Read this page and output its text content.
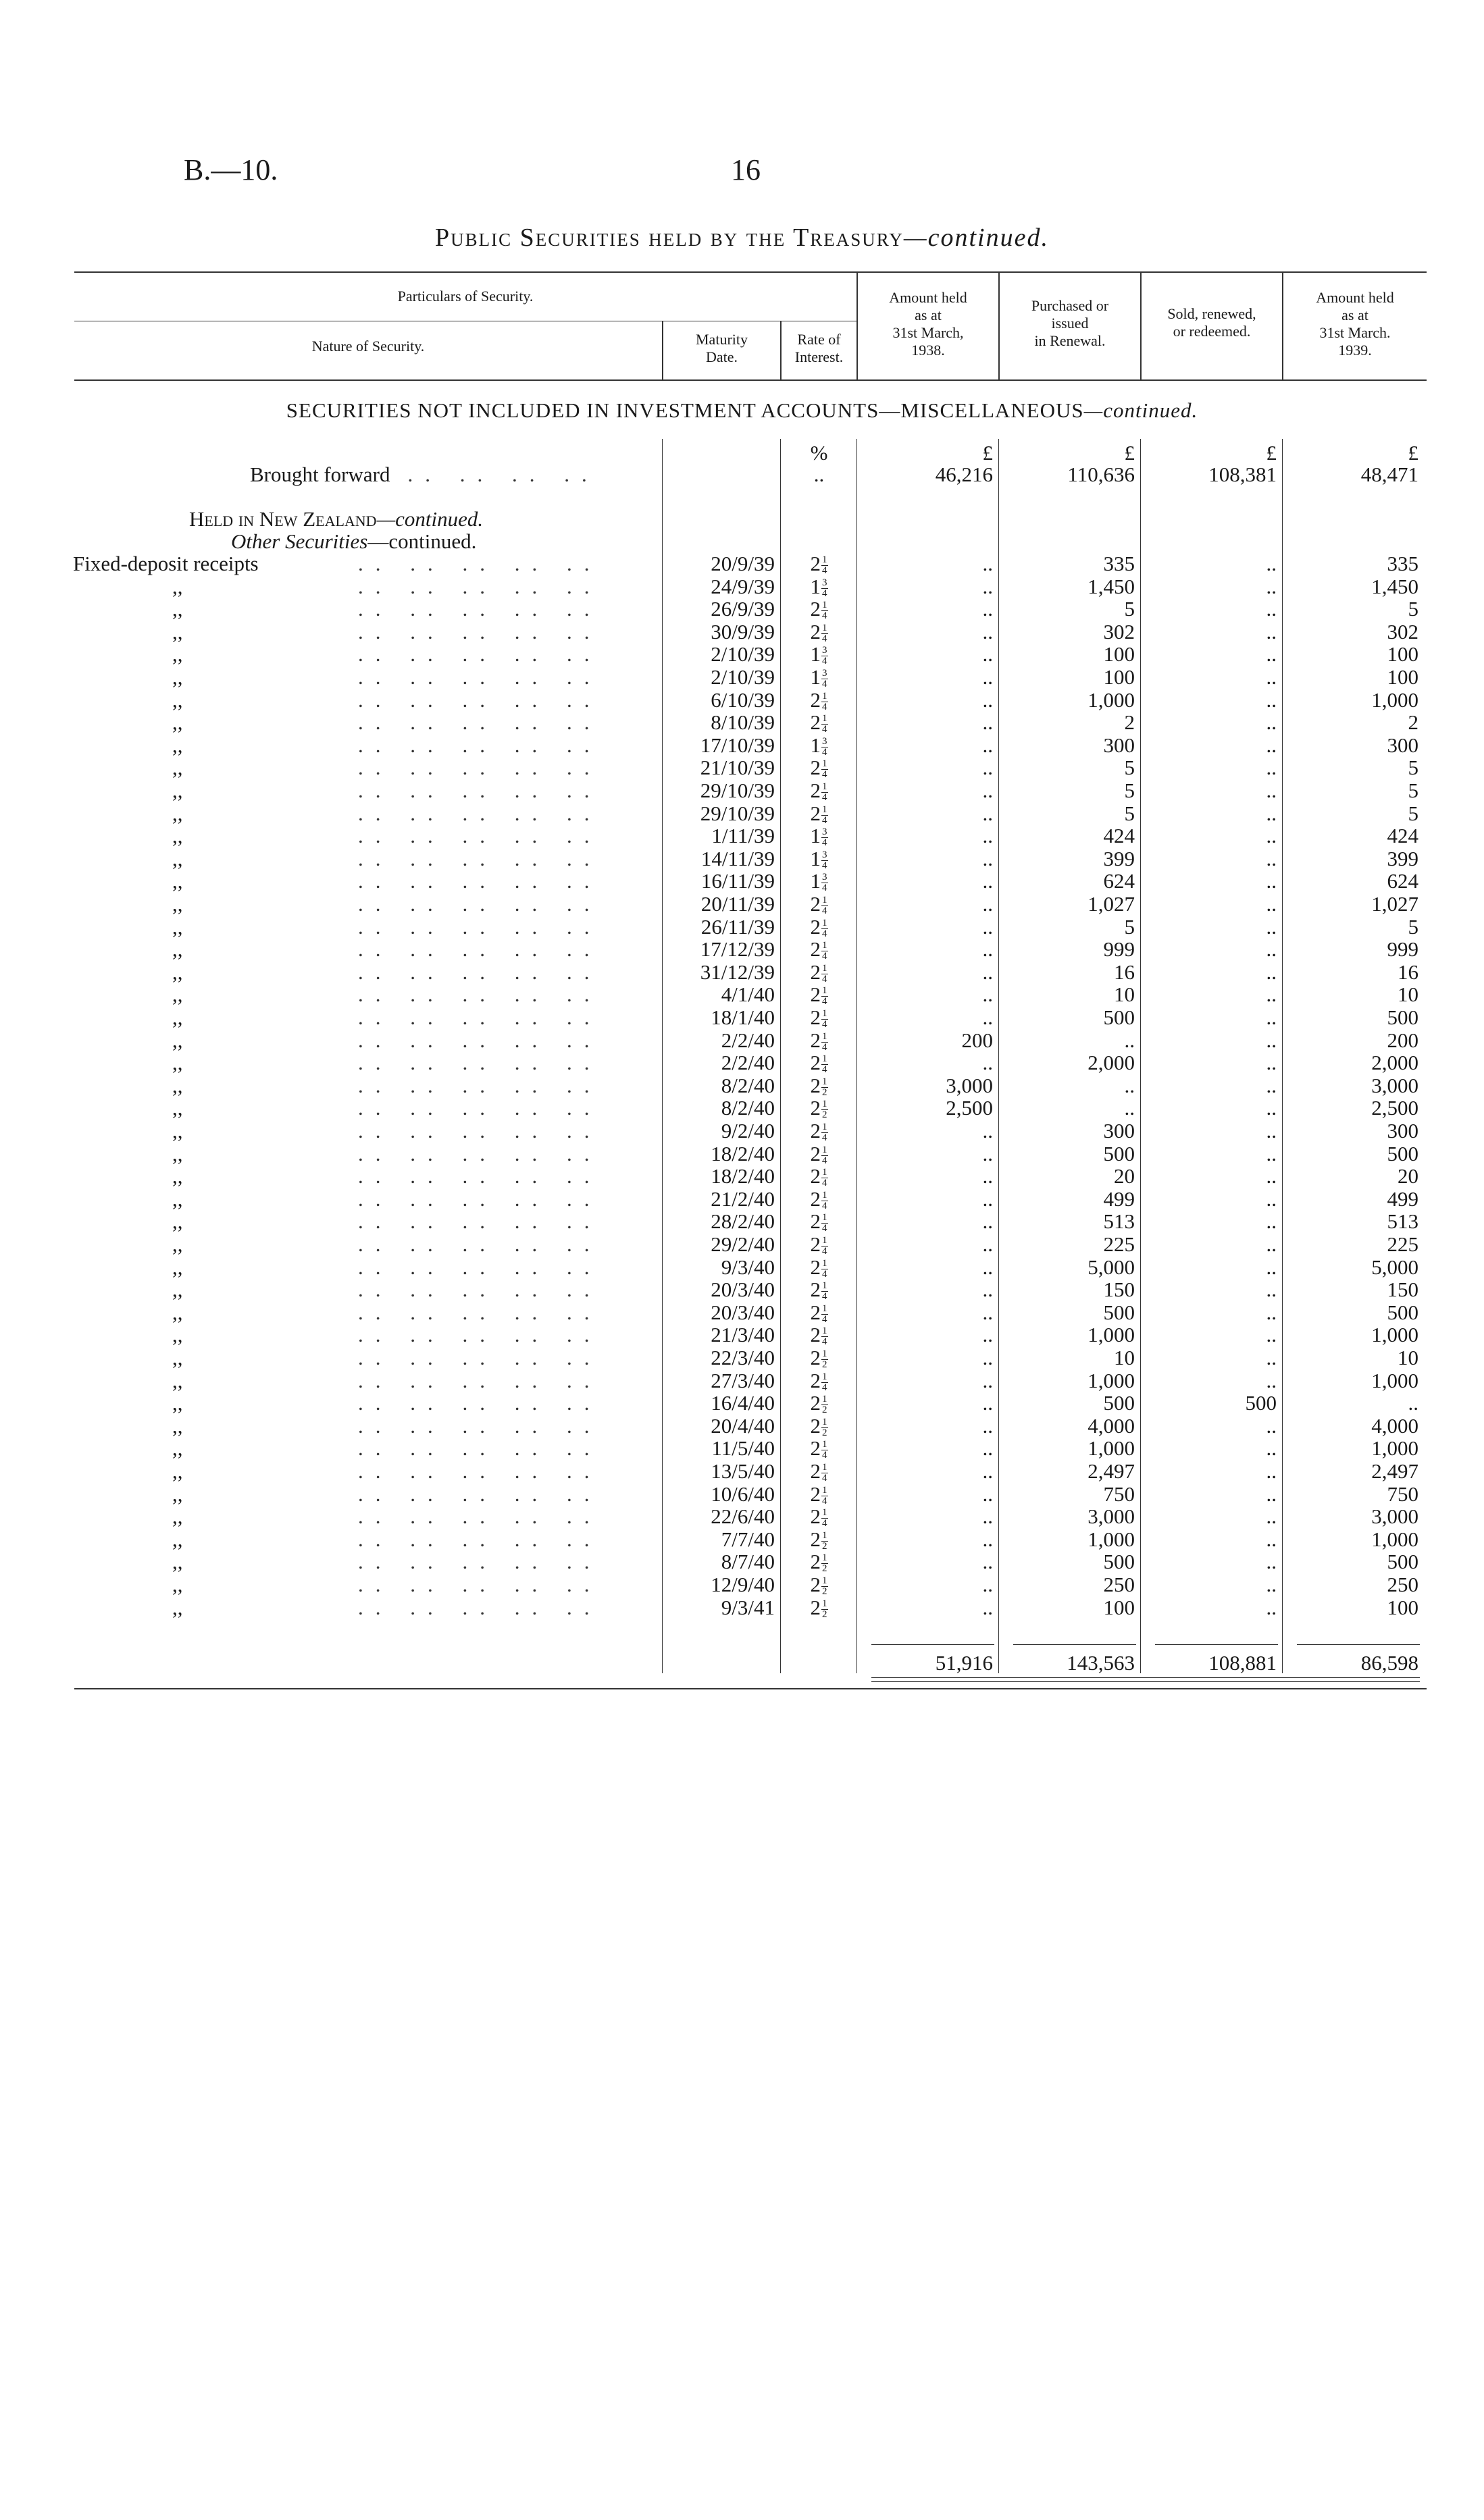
B.—10.	16
Public Securities held by the Treasury—continued.
Particulars of Security.
Nature of Security.	Maturity
Date.
Rate of
Interest.
Amount held
as at
31st March,
1938.
Purchased or
issued
in Renewal.
Sold, renewed,
or redeemed.
Amount held
as at
31st March.
1939.
SECURITIES NOT INCLUDED IN INVESTMENT ACCOUNTS—MISCELLANEOUS—continued.
%	£	£	£	£
Brought forward .. .. .. ..	..	46,216	110,636	108,381	48,471
Held in New Zealand—continued.
Other Securities—continued.
Fixed-deposit receipts	.. .. .. .. ..	20/9/39	$2 \frac{1}{4}$	..	335	..	335
,,	.. .. .. .. ..	24/9/39	$1 \frac{3}{4}$	..	1,450	..	1,450
,,	.. .. .. .. ..	26/9/39	$2 \frac{1}{4}$	..	5	..	5
,,	.. .. .. .. ..	30/9/39	$2 \frac{1}{4}$	..	302	..	302
,,	.. .. .. .. ..	2/10/39	$1 \frac{3}{4}$	..	100	..	100
,,	.. .. .. .. ..	2/10/39	$1 \frac{3}{4}$	..	100	..	100
,,	.. .. .. .. ..	6/10/39	$2 \frac{1}{4}$	..	1,000	..	1,000
,,	.. .. .. .. ..	8/10/39	$2 \frac{1}{4}$	..	2	..	2
,,	.. .. .. .. ..	17/10/39	$1 \frac{3}{4}$	..	300	..	300
,,	.. .. .. .. ..	21/10/39	$2 \frac{1}{4}$	..	5	..	5
,,	.. .. .. .. ..	29/10/39	$2 \frac{1}{4}$	..	5	..	5
,,	.. .. .. .. ..	29/10/39	$2 \frac{1}{4}$	..	5	..	5
,,	.. .. .. .. ..	1/11/39	$1 \frac{3}{4}$	..	424	..	424
,,	.. .. .. .. ..	14/11/39	$1 \frac{3}{4}$	..	399	..	399
,,	.. .. .. .. ..	16/11/39	$1 \frac{3}{4}$	..	624	..	624
,,	.. .. .. .. ..	20/11/39	$2 \frac{1}{4}$	..	1,027	..	1,027
,,	.. .. .. .. ..	26/11/39	$2 \frac{1}{4}$	..	5	..	5
,,	.. .. .. .. ..	17/12/39	$2 \frac{1}{4}$	..	999	..	999
,,	.. .. .. .. ..	31/12/39	$2 \frac{1}{4}$	..	16	..	16
,,	.. .. .. .. ..	4/1/40	$2 \frac{1}{4}$	..	10	..	10
,,	.. .. .. .. ..	18/1/40	$2 \frac{1}{4}$	..	500	..	500
,,	.. .. .. .. ..	2/2/40	$2 \frac{1}{4}$	200	..	..	200
,,	.. .. .. .. ..	2/2/40	$2 \frac{1}{4}$	..	2,000	..	2,000
,,	.. .. .. .. ..	8/2/40	$2 \frac{1}{2}$	3,000	..	..	3,000
,,	.. .. .. .. ..	8/2/40	$2 \frac{1}{2}$	2,500	..	..	2,500
,,	.. .. .. .. ..	9/2/40	$2 \frac{1}{4}$	..	300	..	300
,,	.. .. .. .. ..	18/2/40	$2 \frac{1}{4}$	..	500	..	500
,,	.. .. .. .. ..	18/2/40	$2 \frac{1}{4}$	..	20	..	20
,,	.. .. .. .. ..	21/2/40	$2 \frac{1}{4}$	..	499	..	499
,,	.. .. .. .. ..	28/2/40	$2 \frac{1}{4}$	..	513	..	513
,,	.. .. .. .. ..	29/2/40	$2 \frac{1}{4}$	..	225	..	225
,,	.. .. .. .. ..	9/3/40	$2 \frac{1}{4}$	..	5,000	..	5,000
,,	.. .. .. .. ..	20/3/40	$2 \frac{1}{4}$	..	150	..	150
,,	.. .. .. .. ..	20/3/40	$2 \frac{1}{4}$	..	500	..	500
,,	.. .. .. .. ..	21/3/40	$2 \frac{1}{4}$	..	1,000	..	1,000
,,	.. .. .. .. ..	22/3/40	$2 \frac{1}{2}$	..	10	..	10
,,	.. .. .. .. ..	27/3/40	$2 \frac{1}{4}$	..	1,000	..	1,000
,,	.. .. .. .. ..	16/4/40	$2 \frac{1}{2}$	..	500	500	..
,,	.. .. .. .. ..	20/4/40	$2 \frac{1}{2}$	..	4,000	..	4,000
,,	.. .. .. .. ..	11/5/40	$2 \frac{1}{4}$	..	1,000	..	1,000
,,	.. .. .. .. ..	13/5/40	$2 \frac{1}{4}$	..	2,497	..	2,497
,,	.. .. .. .. ..	10/6/40	$2 \frac{1}{4}$	..	750	..	750
,,	.. .. .. .. ..	22/6/40	$2 \frac{1}{4}$	..	3,000	..	3,000
,,	.. .. .. .. ..	7/7/40	$2 \frac{1}{2}$	..	1,000	..	1,000
,,	.. .. .. .. ..	8/7/40	$2 \frac{1}{2}$	..	500	..	500
,,	.. .. .. .. ..	12/9/40	$2 \frac{1}{2}$	..	250	..	250
,,	.. .. .. .. ..	9/3/41	$2 \frac{1}{2}$	..	100	..	100
51,916	143,563	108,881	86,598
